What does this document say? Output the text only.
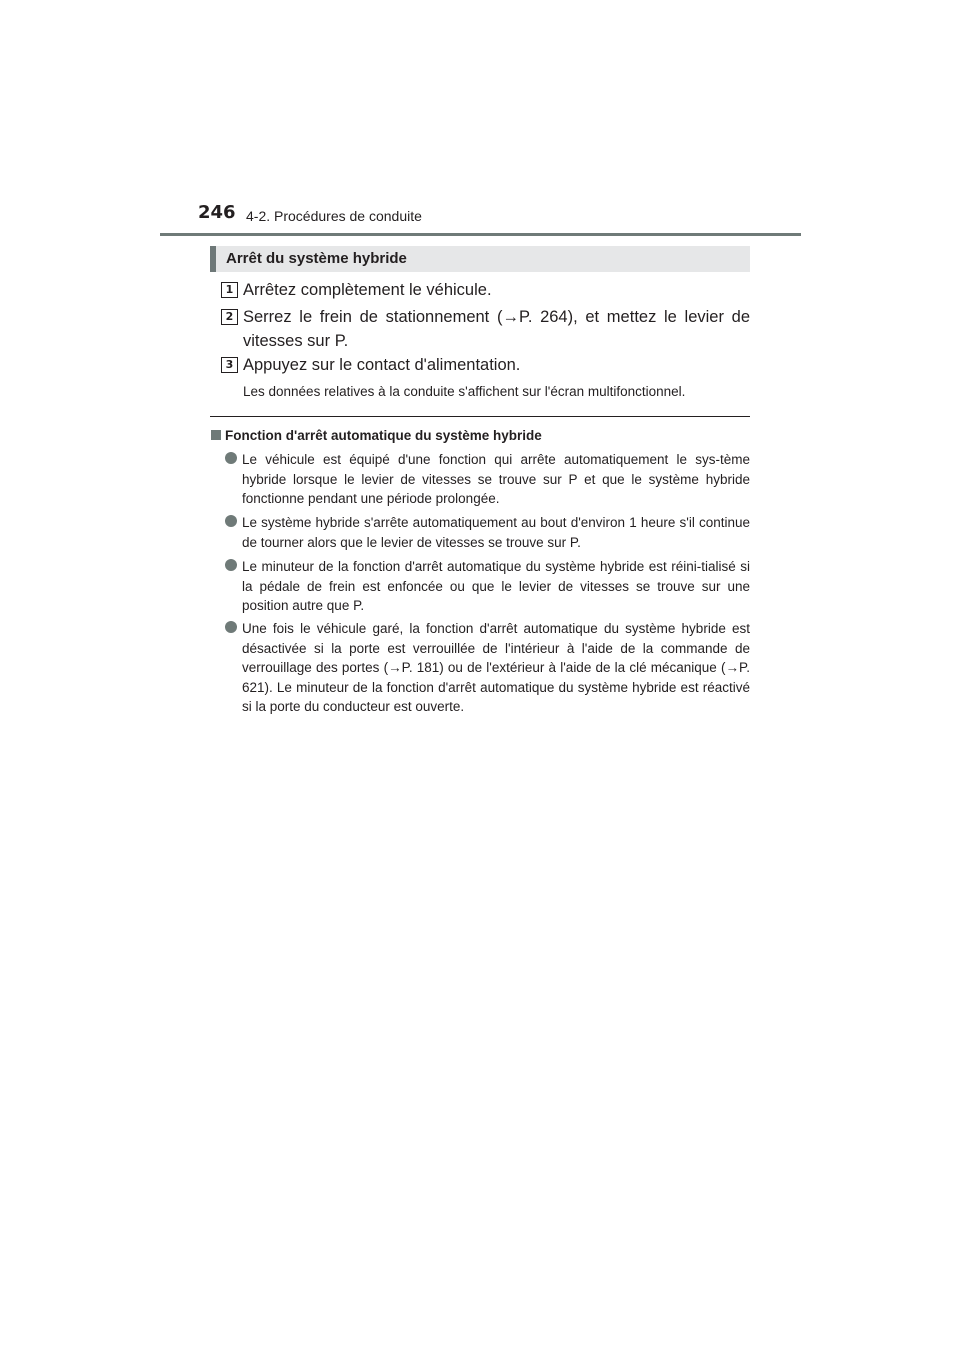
246 4-2. Procédures de conduite
Arrêt du système hybride
1 Arrêtez complètement le véhicule.
2 Serrez le frein de stationnement (→P. 264), et mettez le levier de vitesses sur P.
3 Appuyez sur le contact d'alimentation.
Les données relatives à la conduite s'affichent sur l'écran multifonctionnel.
Fonction d'arrêt automatique du système hybride
Le véhicule est équipé d'une fonction qui arrête automatiquement le sys-tème hybride lorsque le levier de vitesses se trouve sur P et que le système hybride fonctionne pendant une période prolongée.
Le système hybride s'arrête automatiquement au bout d'environ 1 heure s'il continue de tourner alors que le levier de vitesses se trouve sur P.
Le minuteur de la fonction d'arrêt automatique du système hybride est réini-tialisé si la pédale de frein est enfoncée ou que le levier de vitesses se trouve sur une position autre que P.
Une fois le véhicule garé, la fonction d'arrêt automatique du système hybride est désactivée si la porte est verrouillée de l'intérieur à l'aide de la commande de verrouillage des portes (→P. 181) ou de l'extérieur à l'aide de la clé mécanique (→P. 621). Le minuteur de la fonction d'arrêt automatique du système hybride est réactivé si la porte du conducteur est ouverte.
